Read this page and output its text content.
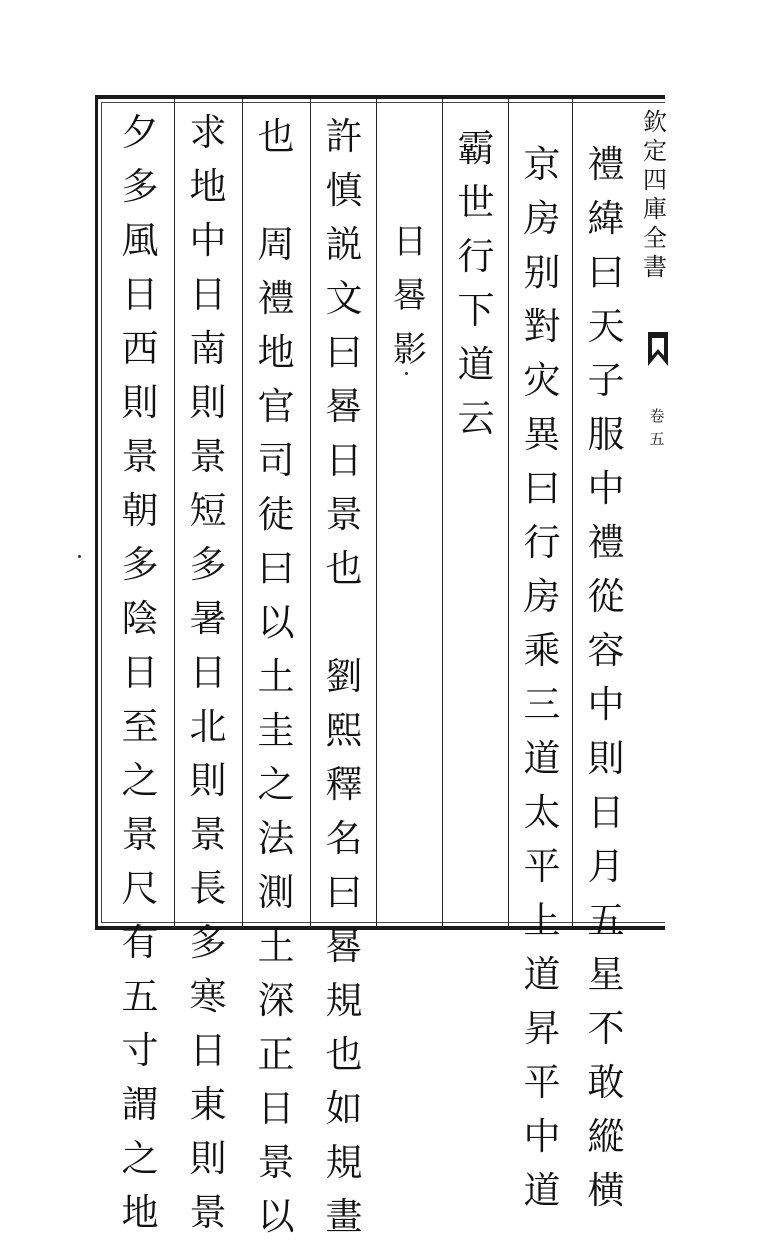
欽
定
四
庫
全
書
卷
五
禮
緯
曰
天
子
服
中
禮
從
容
中
則
日
月
五
星
不
敢
縱
横
京
房
别
對
灾
異
曰
行
房
乘
三
道
太
平
上
道
昇
平
中
道
霸
世
行
下
道
云
日
晷
影
許
慎
説
文
曰
晷
日
景
也

劉
熙
釋
名
曰
晷
規
也
如
規
畫
也

周
禮
地
官
司
徒
曰
以
土
圭
之
法
測
土
深
正
日
景
以
求
地
中
日
南
則
景
短
多
暑
日
北
則
景
長
多
寒
日
東
則
景
夕
多
風
日
西
則
景
朝
多
陰
日
至
之
景
尺
有
五
寸
謂
之
地
